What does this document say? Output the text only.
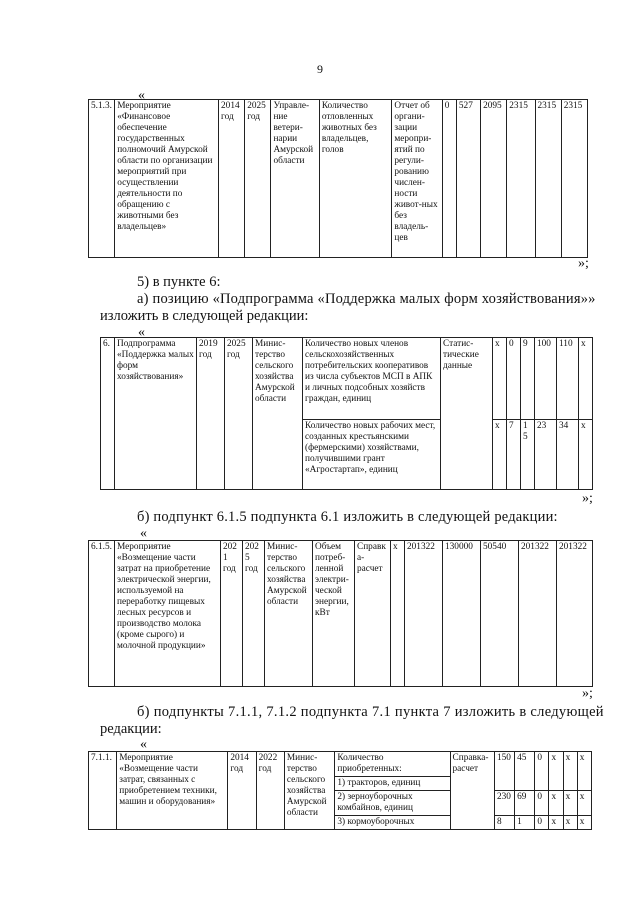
9
«
5.1.3.	Мероприятие «Финансовое обеспечение государственных полномочий Амурской области по организации мероприятий при осуществлении деятельности по обращению с животными без владельцев»	2014 год	2025 год	Управле-ние ветери-нарии Амурской области	Количество отловленных животных без владельцев, голов	Отчет об органи-зации меропри-ятий по регули-рованию числен-ности живот-ных без владель-цев	0	527	2095	2315	2315	2315
»;
5) в пункте 6:
а) позицию «Подпрограмма «Поддержка малых форм хозяйствования»»
изложить в следующей редакции:
«
6.	Подпрограмма «Поддержка малых форм хозяйствования»	2019 год	2025 год	Минис-терство сельского хозяйства Амурской области	Количество новых членов сельскохозяйственных потребительских кооперативов из числа субъектов МСП в АПК и личных подсобных хозяйств граждан, единиц	Статис-тические данные	х	0	9	100	110	х
					Количество новых рабочих мест, созданных крестьянскими (фермерскими) хозяйствами, получившими грант «Агростартап», единиц		х	7	15	23	34	х
»;
б) подпункт 6.1.5 подпункта 6.1 изложить в следующей редакции:
«
6.1.5.	Мероприятие «Возмещение части затрат на приобретение электрической энергии, используемой на переработку пищевых лесных ресурсов и производство молока (кроме сырого) и молочной продукции»	2021 год	2025 год	Минис-терство сельского хозяйства Амурской области	Объем потреб-ленной электри-ческой энергии, кВт	Справка-расчет	х	201322	130000	50540	201322	201322
»;
б) подпункты 7.1.1, 7.1.2 подпункта 7.1 пункта 7 изложить в следующей
редакции:
«
7.1.1.	Мероприятие «Возмещение части затрат, связанных с приобретением техники, машин и оборудования»	2014 год	2022 год	Минис-терство сельского хозяйства Амурской области	Количество приобретенных:	Справка-расчет	150	45	0	х	х	х
					1) тракторов, единиц							
					2) зерноуборочных комбайнов, единиц		230	69	0	х	х	х
					3) кормоуборочных		8	1	0	х	х	х
